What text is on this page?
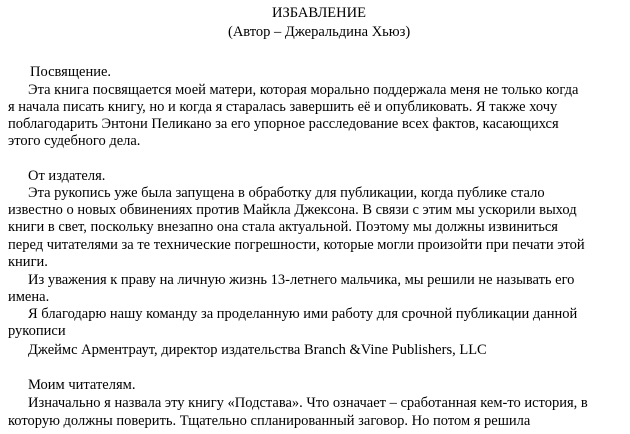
ИЗБАВЛЕНИЕ
(Автор – Джеральдина Хьюз)
Посвящение.
Эта книга посвящается моей матери, которая морально поддержала меня не только когда
я начала писать книгу, но и когда я старалась завершить её и опубликовать. Я также хочу
поблагодарить Энтони Пеликано за его упорное расследование всех фактов, касающихся
этого судебного дела.
От издателя.
Эта рукопись уже была запущена в обработку для публикации, когда публике стало
известно о новых обвинениях против Майкла Джексона. В связи с этим мы ускорили выход
книги в свет, поскольку внезапно она стала актуальной. Поэтому мы должны извиниться
перед читателями за те технические погрешности, которые могли произойти при печати этой
книги.
Из уважения к праву на личную жизнь 13-летнего мальчика, мы решили не называть его
имена.
Я благодарю нашу команду за проделанную ими работу для срочной публикации данной
рукописи
Джеймс Арментраут, директор издательства Branch &Vine Publishers, LLC
Моим читателям.
Изначально я назвала эту книгу «Подстава». Что означает – сработанная кем-то история, в
которую должны поверить. Тщательно спланированный заговор. Но потом я решила
